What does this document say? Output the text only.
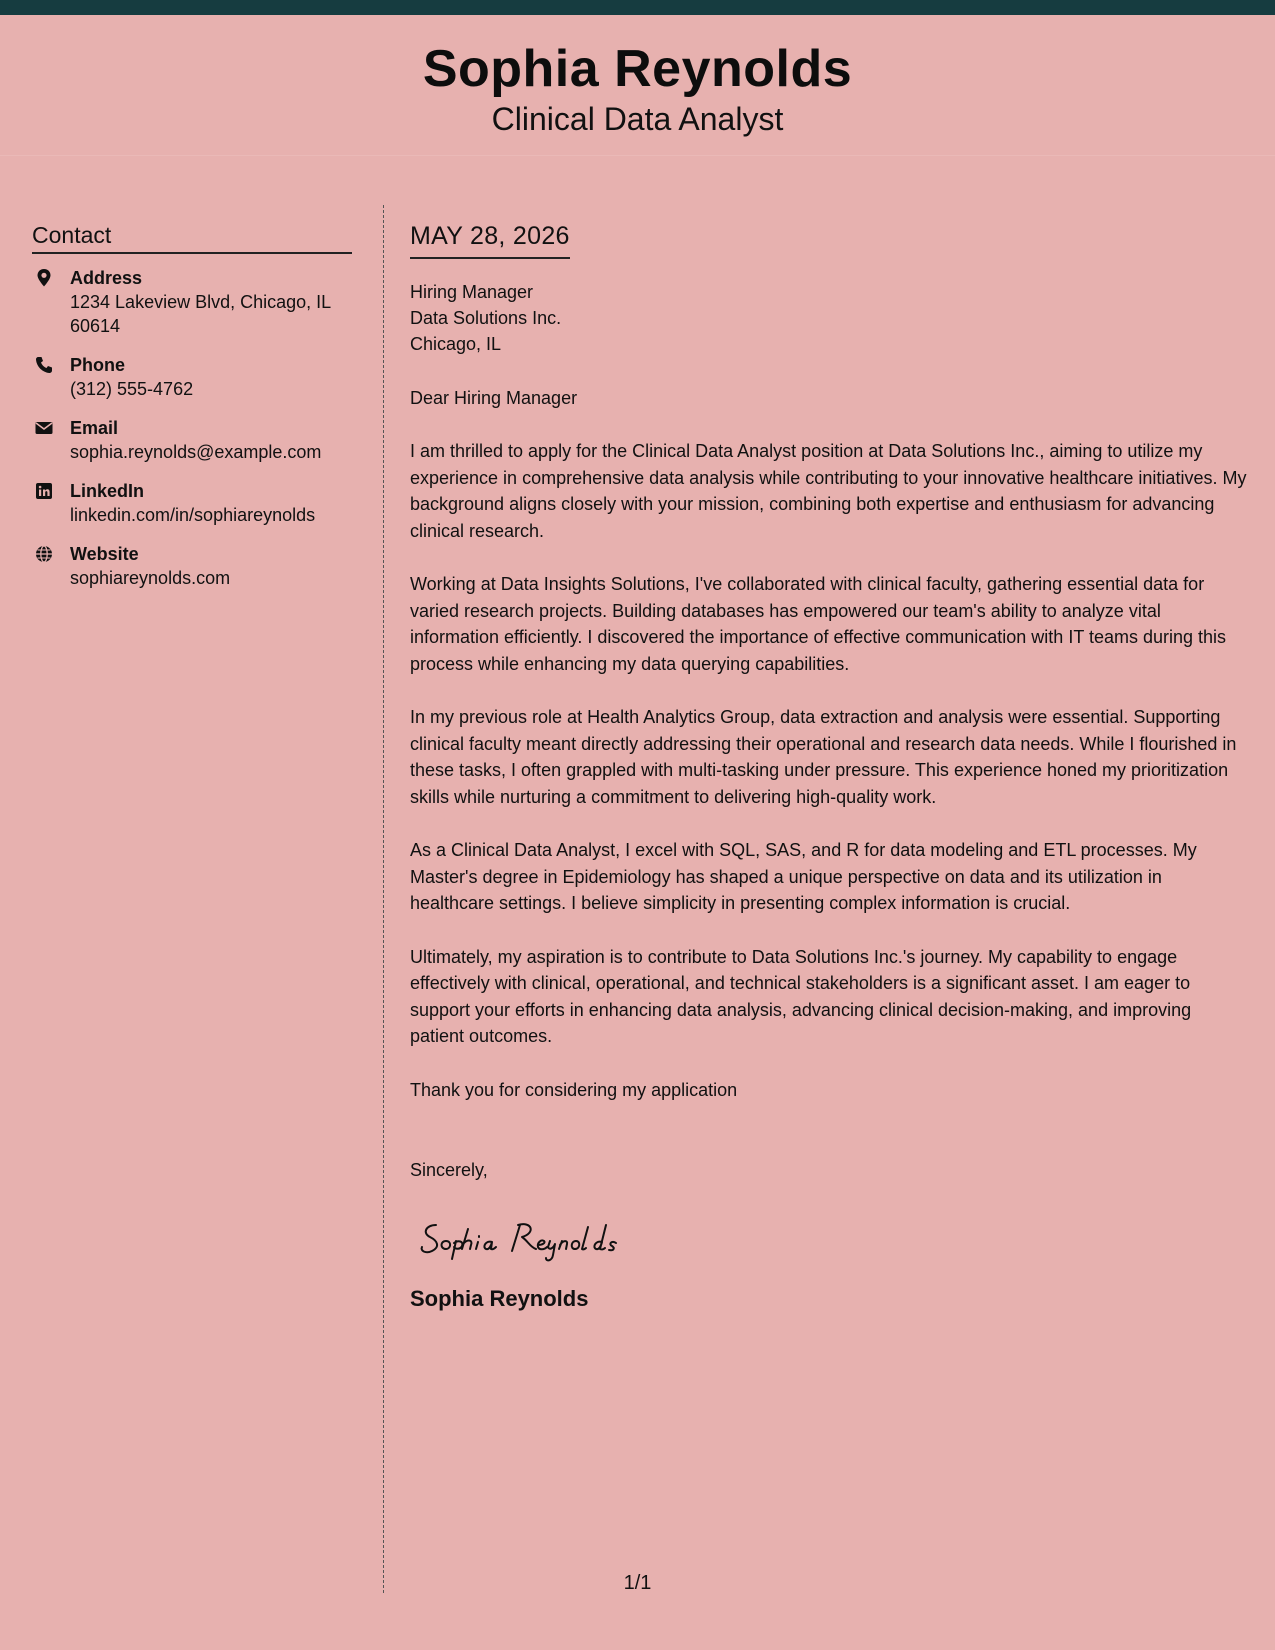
Sophia Reynolds
Clinical Data Analyst
Contact
Address
1234 Lakeview Blvd, Chicago, IL 60614
Phone
(312) 555-4762
Email
sophia.reynolds@example.com
LinkedIn
linkedin.com/in/sophiareynolds
Website
sophiareynolds.com
MAY 28, 2026
Hiring Manager
Data Solutions Inc.
Chicago, IL
Dear Hiring Manager
I am thrilled to apply for the Clinical Data Analyst position at Data Solutions Inc., aiming to utilize my experience in comprehensive data analysis while contributing to your innovative healthcare initiatives. My background aligns closely with your mission, combining both expertise and enthusiasm for advancing clinical research.
Working at Data Insights Solutions, I've collaborated with clinical faculty, gathering essential data for varied research projects. Building databases has empowered our team's ability to analyze vital information efficiently. I discovered the importance of effective communication with IT teams during this process while enhancing my data querying capabilities.
In my previous role at Health Analytics Group, data extraction and analysis were essential. Supporting clinical faculty meant directly addressing their operational and research data needs. While I flourished in these tasks, I often grappled with multi-tasking under pressure. This experience honed my prioritization skills while nurturing a commitment to delivering high-quality work.
As a Clinical Data Analyst, I excel with SQL, SAS, and R for data modeling and ETL processes. My Master's degree in Epidemiology has shaped a unique perspective on data and its utilization in healthcare settings. I believe simplicity in presenting complex information is crucial.
Ultimately, my aspiration is to contribute to Data Solutions Inc.'s journey. My capability to engage effectively with clinical, operational, and technical stakeholders is a significant asset. I am eager to support your efforts in enhancing data analysis, advancing clinical decision-making, and improving patient outcomes.
Thank you for considering my application
Sincerely,
Sophia Reynolds
1/1
